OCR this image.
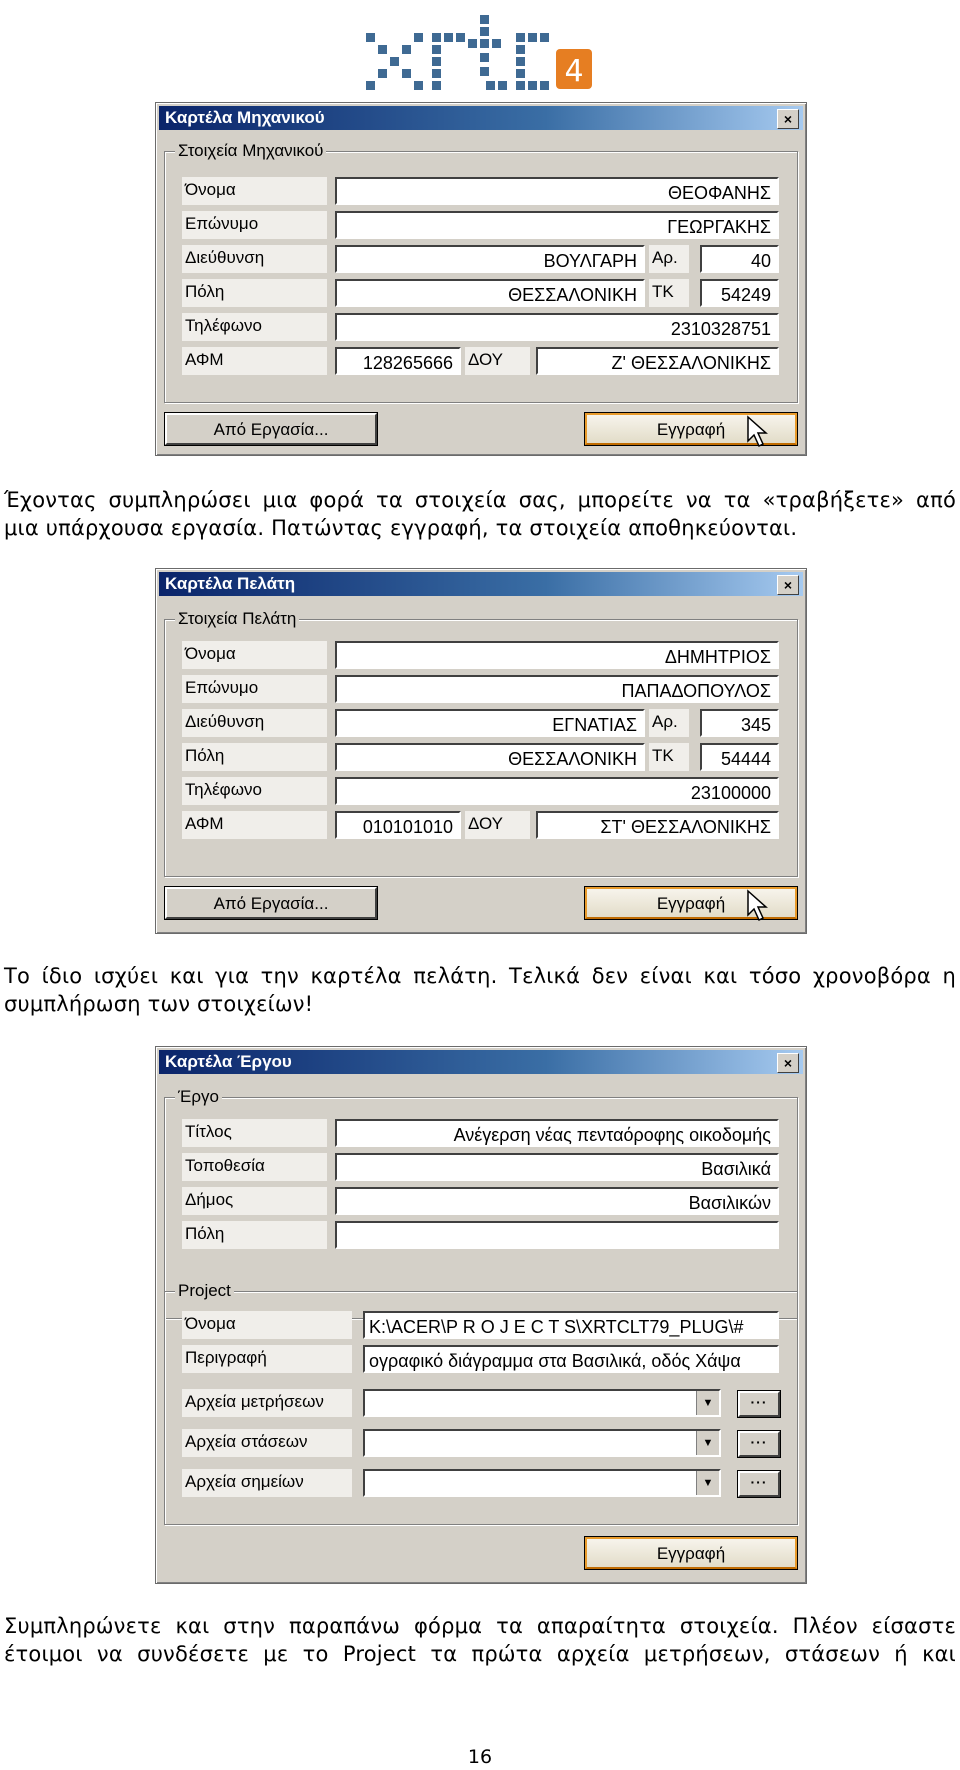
4
Καρτέλα Μηχανικού	×
Στοιχεία Μηχανικού
Όνομα	ΘΕΟΦΑΝΗΣ
Επώνυμο	ΓΕΩΡΓΑΚΗΣ
Διεύθυνση	ΒΟΥΛΓΑΡΗ Αρ.	40
Πόλη	ΘΕΣΣΑΛΟΝΙΚΗ ΤΚ	54249
Τηλέφωνο	2310328751
ΑΦΜ	128265666 ΔΟΥ	Ζ' ΘΕΣΣΑΛΟΝΙΚΗΣ
Από Εργασία...	Εγγραφή
Έχοντας συμπληρώσει μια φορά τα στοιχεία σας, μπορείτε να τα «τραβήξετε» από
μια υπάρχουσα εργασία. Πατώντας εγγραφή, τα στοιχεία αποθηκεύονται.
Καρτέλα Πελάτη	×
Στοιχεία Πελάτη
Όνομα	ΔΗΜΗΤΡΙΟΣ
Επώνυμο	ΠΑΠΑΔΟΠΟΥΛΟΣ
Διεύθυνση	ΕΓΝΑΤΙΑΣ Αρ.	345
Πόλη	ΘΕΣΣΑΛΟΝΙΚΗ ΤΚ	54444
Τηλέφωνο	23100000
ΑΦΜ	010101010 ΔΟΥ	ΣΤ' ΘΕΣΣΑΛΟΝΙΚΗΣ
Από Εργασία...	Εγγραφή
Το ίδιο ισχύει και για την καρτέλα πελάτη. Τελικά δεν είναι και τόσο χρονοβόρα η
συμπλήρωση των στοιχείων!
Καρτέλα Έργου	×
Έργο
Τίτλος	Ανέγερση νέας πενταόροφης οικοδομής
Τοποθεσία	Βασιλικά
Δήμος	Βασιλικών
Πόλη
Project
Όνομα	K:\ACER\P R O J E C T S\XRTCLT79_PLUG\#
Περιγραφή	ογραφικό διάγραμμα στα Βασιλικά, οδός Χάψα
Αρχεία μετρήσεων	▼	···
Αρχεία στάσεων	▼	···
Αρχεία σημείων	▼	···
Εγγραφή
Συμπληρώνετε και στην παραπάνω φόρμα τα απαραίτητα στοιχεία. Πλέον είσαστε
έτοιμοι να συνδέσετε με το Project τα πρώτα αρχεία μετρήσεων, στάσεων ή και
16
